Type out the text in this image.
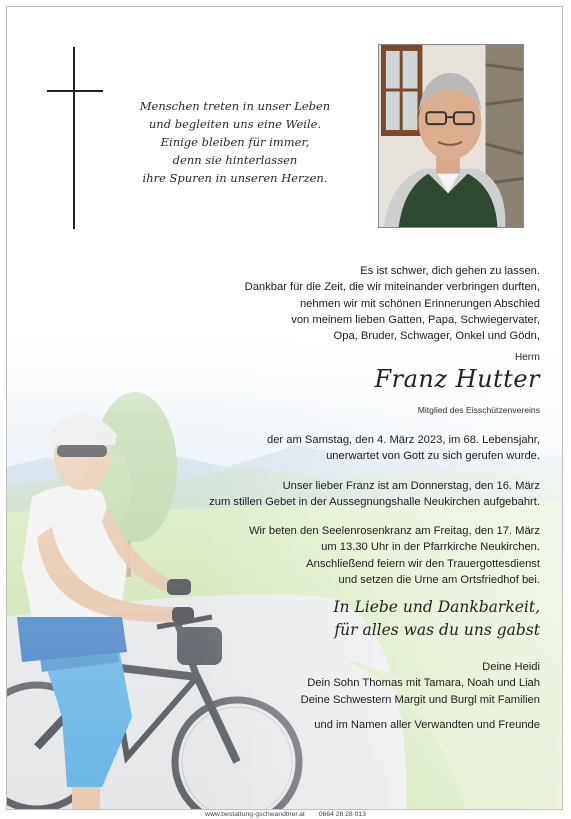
Menschen treten in unser Leben
und begleiten uns eine Weile.
Einige bleiben für immer,
denn sie hinterlassen
ihre Spuren in unseren Herzen.
Es ist schwer, dich gehen zu lassen.
Dankbar für die Zeit, die wir miteinander verbringen durften,
nehmen wir mit schönen Erinnerungen Abschied
von meinem lieben Gatten, Papa, Schwiegervater,
Opa, Bruder, Schwager, Onkel und Gödn,
Herrn
Franz Hutter
Mitglied des Eisschützenvereins
der am Samstag, den 4. März 2023, im 68. Lebensjahr,
unerwartet von Gott zu sich gerufen wurde.
Unser lieber Franz ist am Donnerstag, den 16. März
zum stillen Gebet in der Aussegnungshalle Neukirchen aufgebahrt.
Wir beten den Seelenrosenkranz am Freitag, den 17. März
um 13.30 Uhr in der Pfarrkirche Neukirchen.
Anschließend feiern wir den Trauergottesdienst
und setzen die Urne am Ortsfriedhof bei.
In Liebe und Dankbarkeit,
für alles was du uns gabst
Deine Heidi
Dein Sohn Thomas mit Tamara, Noah und Liah
Deine Schwestern Margit und Burgl mit Familien
und im Namen aller Verwandten und Freunde
www.bestattung-gschwandtner.at 0664 28 28 013
